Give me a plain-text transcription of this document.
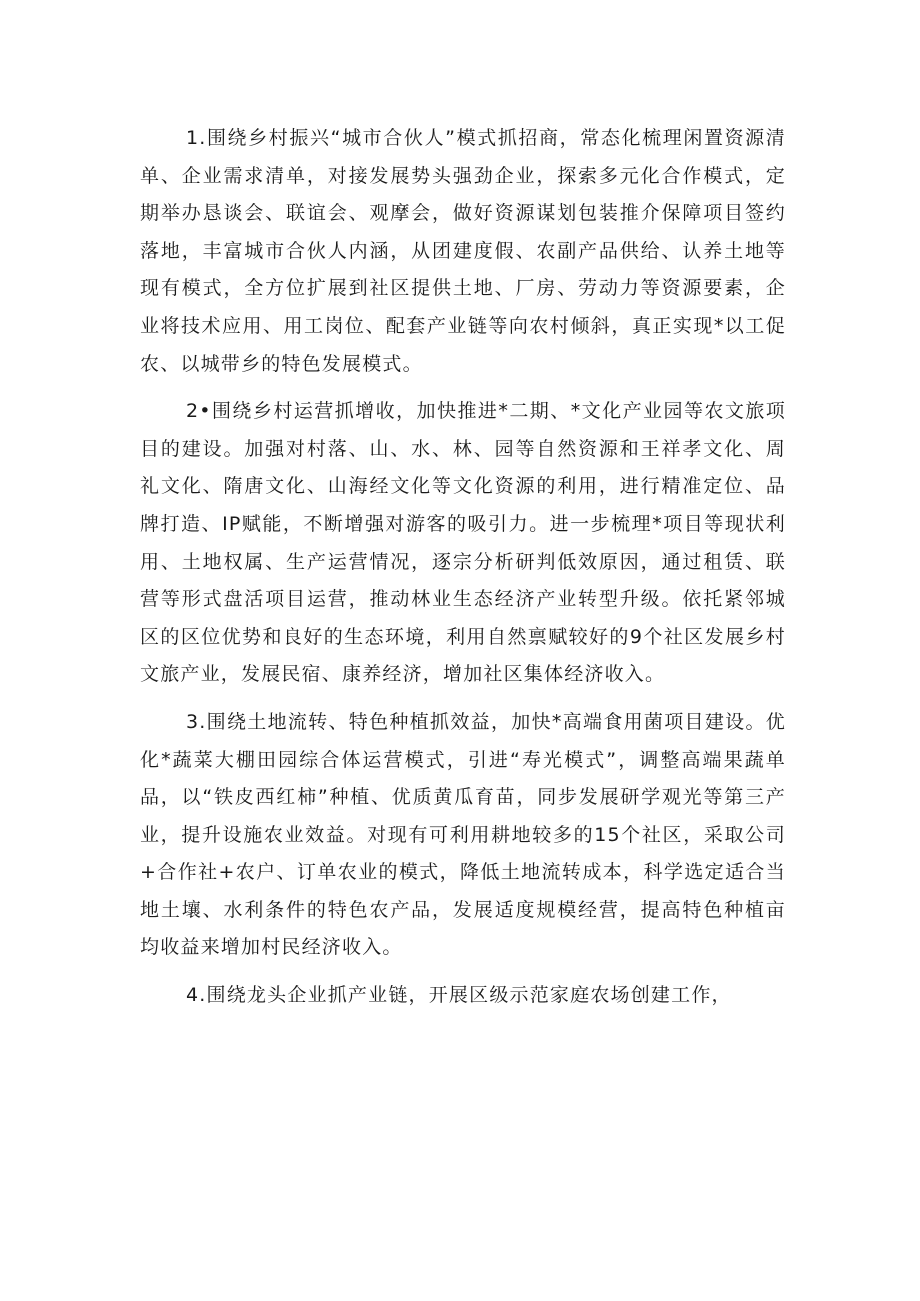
1.围绕乡村振兴“城市合伙人”模式抓招商，常态化梳理闲置资源清单、企业需求清单，对接发展势头强劲企业，探索多元化合作模式，定期举办恳谈会、联谊会、观摩会，做好资源谋划包装推介保障项目签约落地，丰富城市合伙人内涵，从团建度假、农副产品供给、认养土地等现有模式，全方位扩展到社区提供土地、厂房、劳动力等资源要素，企业将技术应用、用工岗位、配套产业链等向农村倾斜，真正实现*以工促农、以城带乡的特色发展模式。

2•围绕乡村运营抓增收，加快推进*二期、*文化产业园等农文旅项目的建设。加强对村落、山、水、林、园等自然资源和王祥孝文化、周礼文化、隋唐文化、山海经文化等文化资源的利用，进行精准定位、品牌打造、IP赋能，不断增强对游客的吸引力。进一步梳理*项目等现状利用、土地权属、生产运营情况，逐宗分析研判低效原因，通过租赁、联营等形式盘活项目运营，推动林业生态经济产业转型升级。依托紧邻城区的区位优势和良好的生态环境，利用自然禀赋较好的9个社区发展乡村文旅产业，发展民宿、康养经济，增加社区集体经济收入。

3.围绕土地流转、特色种植抓效益，加快*高端食用菌项目建设。优化*蔬菜大棚田园综合体运营模式，引进“寿光模式”，调整高端果蔬单品，以“铁皮西红柿”种植、优质黄瓜育苗，同步发展研学观光等第三产业，提升设施农业效益。对现有可利用耕地较多的15个社区，采取公司+合作社+农户、订单农业的模式，降低土地流转成本，科学选定适合当地土壤、水利条件的特色农产品，发展适度规模经营，提高特色种植亩均收益来增加村民经济收入。

4.围绕龙头企业抓产业链，开展区级示范家庭农场创建工作，
